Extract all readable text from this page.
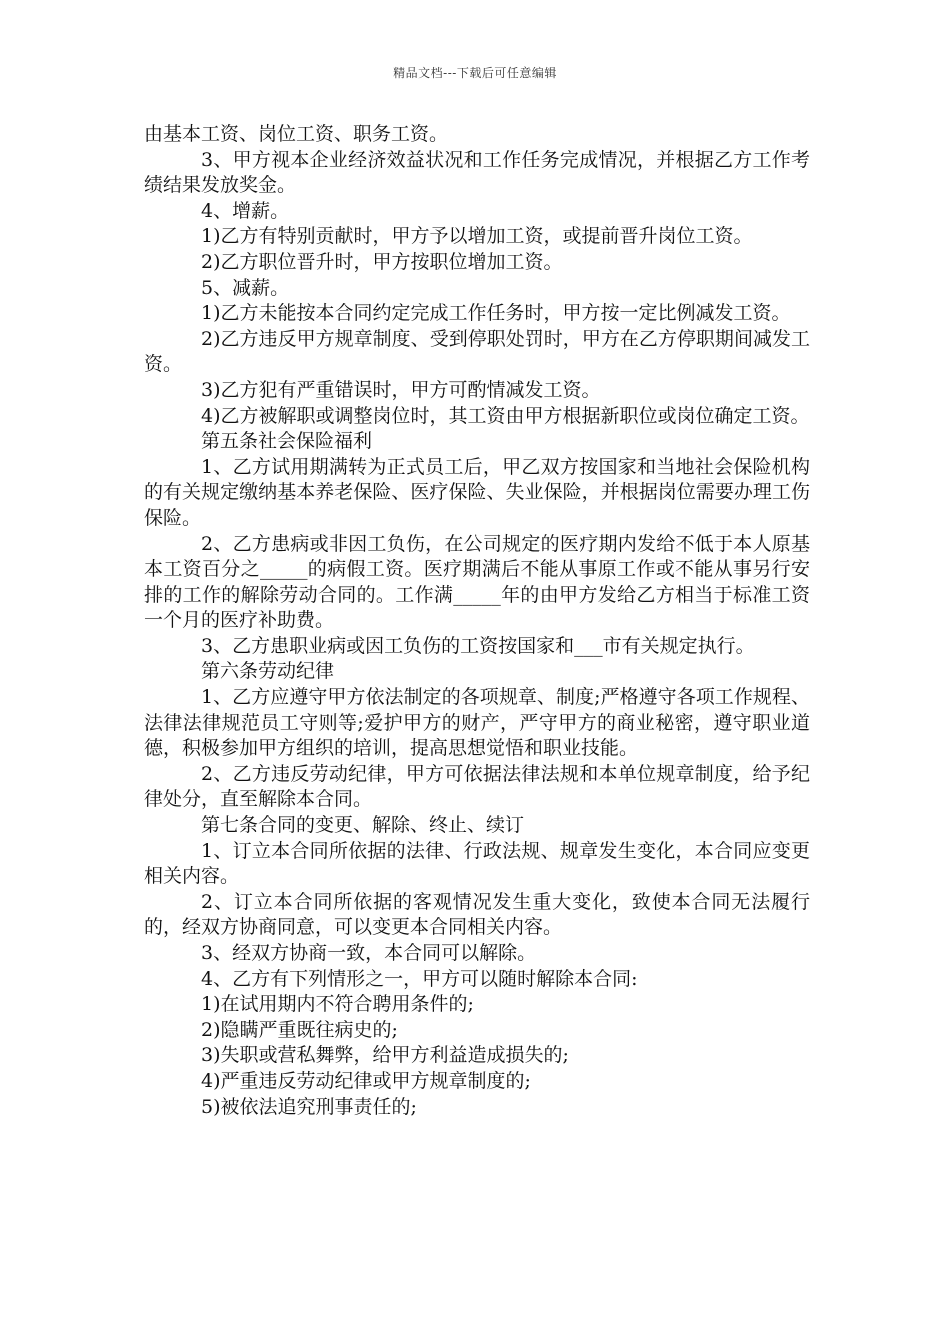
精品文档---下载后可任意编辑

由基本工资、岗位工资、职务工资。

3、甲方视本企业经济效益状况和工作任务完成情况，并根据乙方工作考绩结果发放奖金。

4、增薪。

1)乙方有特别贡献时，甲方予以增加工资，或提前晋升岗位工资。

2)乙方职位晋升时，甲方按职位增加工资。

5、减薪。

1)乙方未能按本合同约定完成工作任务时，甲方按一定比例减发工资。

2)乙方违反甲方规章制度、受到停职处罚时，甲方在乙方停职期间减发工资。

3)乙方犯有严重错误时，甲方可酌情减发工资。

4)乙方被解职或调整岗位时，其工资由甲方根据新职位或岗位确定工资。

第五条社会保险福利

1、乙方试用期满转为正式员工后，甲乙双方按国家和当地社会保险机构的有关规定缴纳基本养老保险、医疗保险、失业保险，并根据岗位需要办理工伤保险。

2、乙方患病或非因工负伤，在公司规定的医疗期内发给不低于本人原基本工资百分之_____的病假工资。医疗期满后不能从事原工作或不能从事另行安排的工作的解除劳动合同的。工作满_____年的由甲方发给乙方相当于标准工资一个月的医疗补助费。

3、乙方患职业病或因工负伤的工资按国家和___市有关规定执行。

第六条劳动纪律

1、乙方应遵守甲方依法制定的各项规章、制度;严格遵守各项工作规程、法律法律规范员工守则等;爱护甲方的财产，严守甲方的商业秘密，遵守职业道德，积极参加甲方组织的培训，提高思想觉悟和职业技能。

2、乙方违反劳动纪律，甲方可依据法律法规和本单位规章制度，给予纪律处分，直至解除本合同。

第七条合同的变更、解除、终止、续订

1、订立本合同所依据的法律、行政法规、规章发生变化，本合同应变更相关内容。

2、订立本合同所依据的客观情况发生重大变化，致使本合同无法履行的，经双方协商同意，可以变更本合同相关内容。

3、经双方协商一致，本合同可以解除。

4、乙方有下列情形之一，甲方可以随时解除本合同:

1)在试用期内不符合聘用条件的;

2)隐瞒严重既往病史的;

3)失职或营私舞弊，给甲方利益造成损失的;

4)严重违反劳动纪律或甲方规章制度的;

5)被依法追究刑事责任的;
